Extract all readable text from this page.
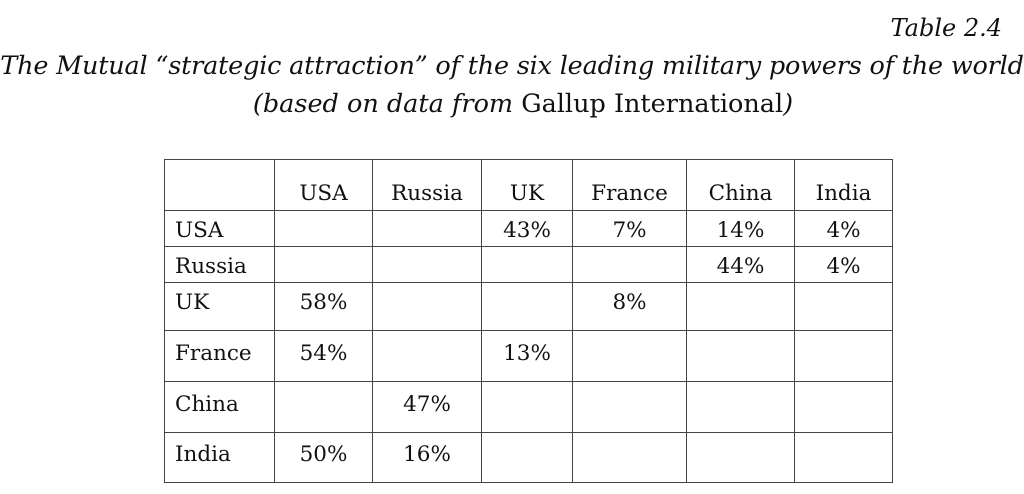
Table 2.4
The Mutual “strategic attraction” of the six leading military powers of the world
(based on data from Gallup International)
	USA	Russia	UK	France	China	India
USA			43%	7%	14%	4%
Russia					44%	4%
UK	58%			8%		
France	54%		13%			
China		47%				
India	50%	16%				
